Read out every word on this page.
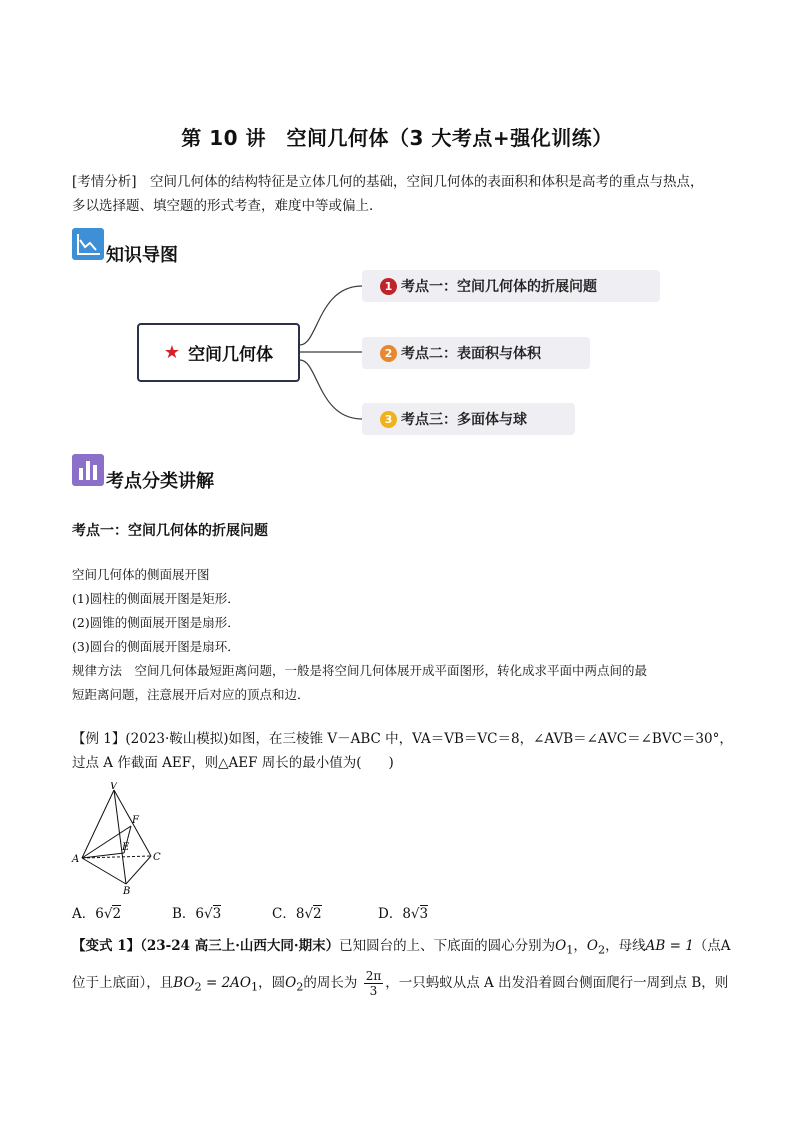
第 10 讲　空间几何体（3 大考点+强化训练）
[考情分析]　空间几何体的结构特征是立体几何的基础，空间几何体的表面积和体积是高考的重点与热点，
多以选择题、填空题的形式考查，难度中等或偏上．
知识导图
★ 空间几何体
1 考点一：空间几何体的折展问题
2 考点二：表面积与体积
3 考点三：多面体与球
考点分类讲解
考点一：空间几何体的折展问题
空间几何体的侧面展开图
(1)圆柱的侧面展开图是矩形．
(2)圆锥的侧面展开图是扇形．
(3)圆台的侧面展开图是扇环．
规律方法　空间几何体最短距离问题，一般是将空间几何体展开成平面图形，转化成求平面中两点间的最
短距离问题，注意展开后对应的顶点和边．
【例 1】(2023·鞍山模拟)如图，在三棱锥 V－ABC 中，VA＝VB＝VC＝8，∠AVB＝∠AVC＝∠BVC＝30°，
过点 A 作截面 AEF，则△AEF 周长的最小值为(　　)
V
F
E
A	C
B
A．6√2	B．6√3	C．8√2	D．8√3
【变式 1】（23-24 高三上·山西大同·期末）已知圆台的上、下底面的圆心分别为$O_1$，$O_2$，母线AB = 1（点A
位于上底面），且$BO_2 = 2AO_1$，圆$O_2$的周长为 $\frac{2\pi}{3}$ ，一只蚂蚁从点 A 出发沿着圆台侧面爬行一周到点 B，则
